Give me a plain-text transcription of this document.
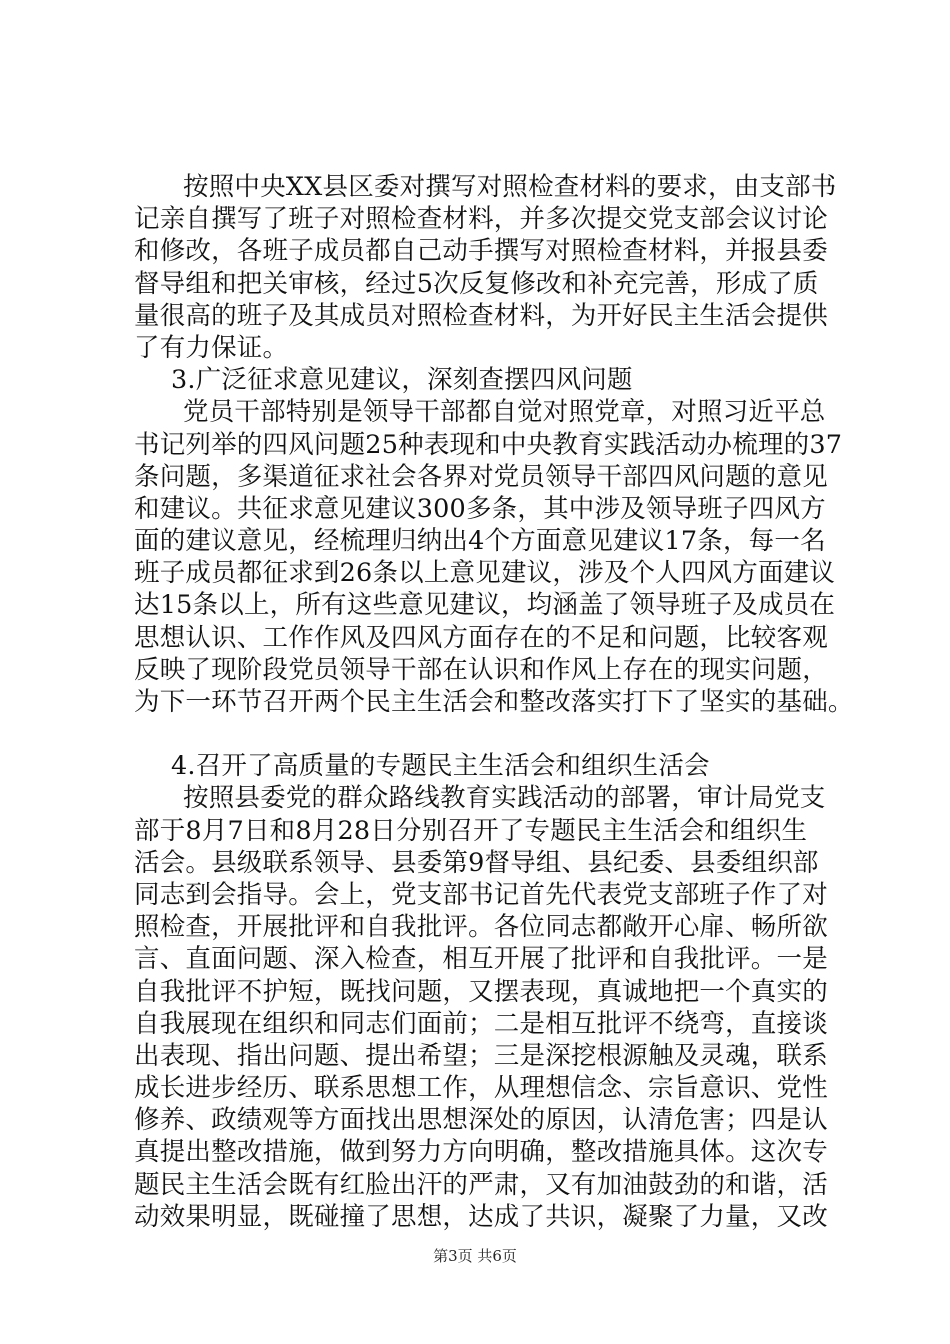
按照中央XX县区委对撰写对照检查材料的要求，由支部书
记亲自撰写了班子对照检查材料，并多次提交党支部会议讨论
和修改，各班子成员都自己动手撰写对照检查材料，并报县委
督导组和把关审核，经过5次反复修改和补充完善，形成了质
量很高的班子及其成员对照检查材料，为开好民主生活会提供
了有力保证。
3.广泛征求意见建议，深刻查摆四风问题
党员干部特别是领导干部都自觉对照党章，对照习近平总
书记列举的四风问题25种表现和中央教育实践活动办梳理的37
条问题，多渠道征求社会各界对党员领导干部四风问题的意见
和建议。共征求意见建议300多条，其中涉及领导班子四风方
面的建议意见，经梳理归纳出4个方面意见建议17条，每一名
班子成员都征求到26条以上意见建议，涉及个人四风方面建议
达15条以上，所有这些意见建议，均涵盖了领导班子及成员在
思想认识、工作作风及四风方面存在的不足和问题，比较客观
反映了现阶段党员领导干部在认识和作风上存在的现实问题，
为下一环节召开两个民主生活会和整改落实打下了坚实的基础。
4.召开了高质量的专题民主生活会和组织生活会
按照县委党的群众路线教育实践活动的部署，审计局党支
部于8月7日和8月28日分别召开了专题民主生活会和组织生
活会。县级联系领导、县委第9督导组、县纪委、县委组织部
同志到会指导。会上，党支部书记首先代表党支部班子作了对
照检查，开展批评和自我批评。各位同志都敞开心扉、畅所欲
言、直面问题、深入检查，相互开展了批评和自我批评。一是
自我批评不护短，既找问题，又摆表现，真诚地把一个真实的
自我展现在组织和同志们面前；二是相互批评不绕弯，直接谈
出表现、指出问题、提出希望；三是深挖根源触及灵魂，联系
成长进步经历、联系思想工作，从理想信念、宗旨意识、党性
修养、政绩观等方面找出思想深处的原因，认清危害；四是认
真提出整改措施，做到努力方向明确，整改措施具体。这次专
题民主生活会既有红脸出汗的严肃，又有加油鼓劲的和谐，活
动效果明显，既碰撞了思想，达成了共识，凝聚了力量，又改
第3页 共6页
